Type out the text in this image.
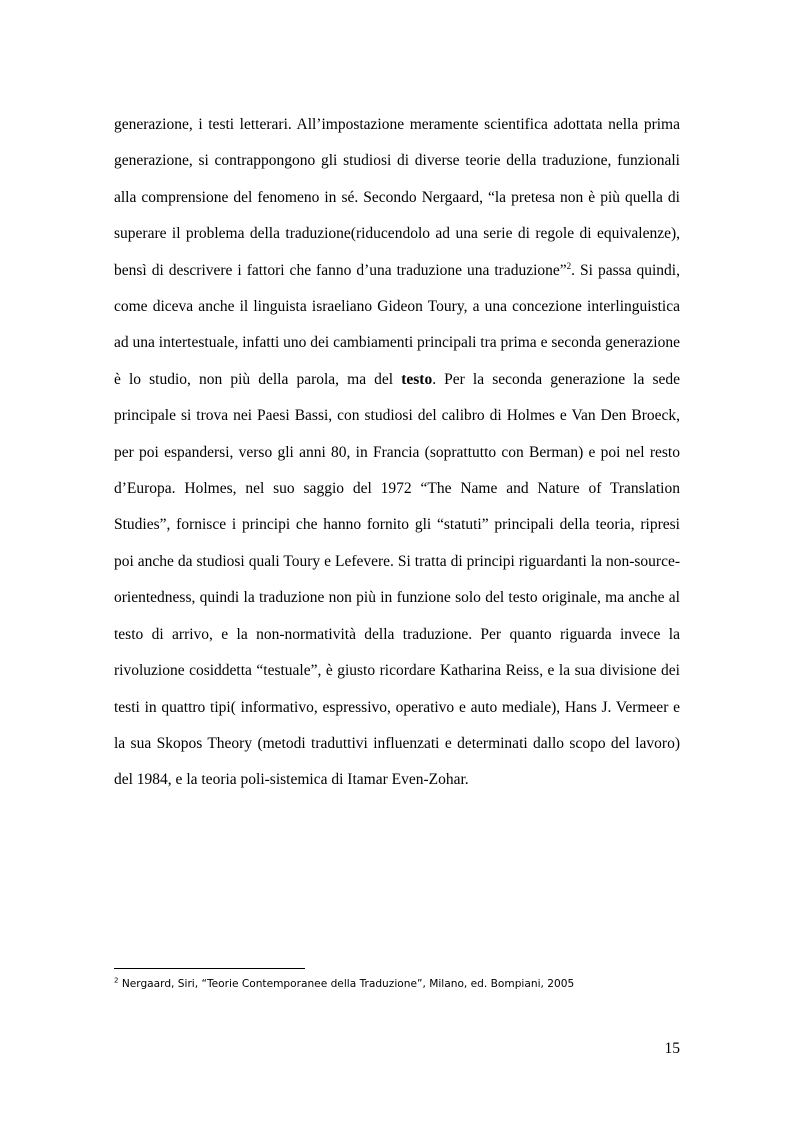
generazione, i testi letterari. All’impostazione meramente scientifica adottata nella prima generazione, si contrappongono gli studiosi di diverse teorie della traduzione, funzionali alla comprensione del fenomeno in sé. Secondo Nergaard, “la pretesa non è più quella di superare il problema della traduzione(riducendolo ad una serie di regole di equivalenze), bensì di descrivere i fattori che fanno d’una traduzione una traduzione”$^2$. Si passa quindi, come diceva anche il linguista israeliano Gideon Toury, a una concezione interlinguistica ad una intertestuale, infatti uno dei cambiamenti principali tra prima e seconda generazione è lo studio, non più della parola, ma del testo. Per la seconda generazione la sede principale si trova nei Paesi Bassi, con studiosi del calibro di Holmes e Van Den Broeck, per poi espandersi, verso gli anni 80, in Francia (soprattutto con Berman) e poi nel resto d’Europa. Holmes, nel suo saggio del 1972 “The Name and Nature of Translation Studies”, fornisce i principi che hanno fornito gli “statuti” principali della teoria, ripresi poi anche da studiosi quali Toury e Lefevere. Si tratta di principi riguardanti la non-source-orientedness, quindi la traduzione non più in funzione solo del testo originale, ma anche al testo di arrivo, e la non-normatività della traduzione. Per quanto riguarda invece la rivoluzione cosiddetta “testuale”, è giusto ricordare Katharina Reiss, e la sua divisione dei testi in quattro tipi( informativo, espressivo, operativo e auto mediale), Hans J. Vermeer e la sua Skopos Theory (metodi traduttivi influenzati e determinati dallo scopo del lavoro) del 1984, e la teoria poli-sistemica di Itamar Even-Zohar.

$^2$ Nergaard, Siri, “Teorie Contemporanee della Traduzione”, Milano, ed. Bompiani, 2005

15
